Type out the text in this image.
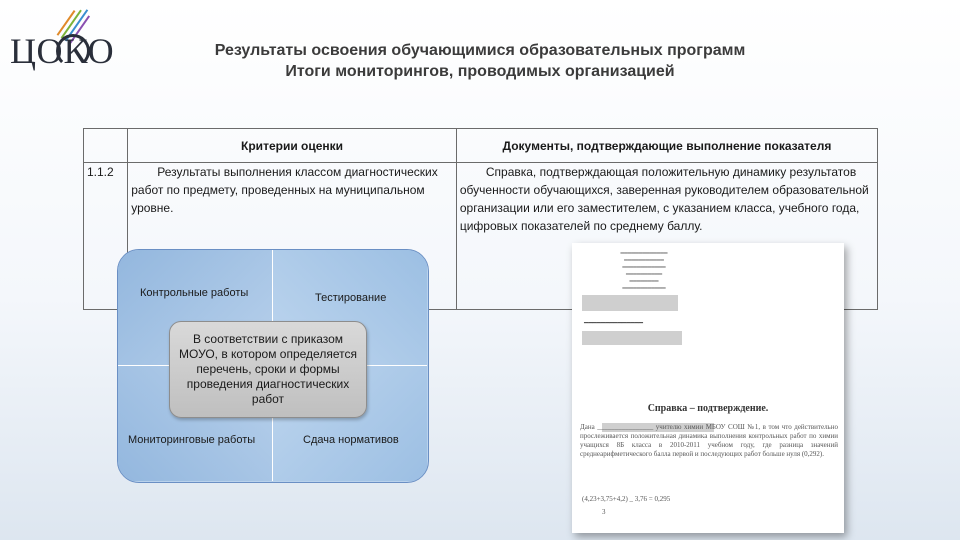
ЦОКО	Результаты освоения обучающимися образовательных программ
Итоги мониторингов, проводимых организацией
	Критерии оценки	Документы, подтверждающие выполнение показателя
1.1.2	Результаты выполнения классом диагностических работ по предмету, проведенных на муниципальном уровне.	Справка, подтверждающая положительную динамику результатов обученности обучающихся, заверенная руководителем образовательной организации или его заместителем, с указанием класса, учебного года, цифровых показателей по среднему баллу.
Контрольные работы	Тестирование
Мониторинговые работы	Сдача нормативов
В соответствии с приказом МОУО, в котором определяется перечень, сроки и формы проведения диагностических работ
━━━━━━━━━━━━━
━━━━━━━━━━━
━━━━━━━━━━━━
━━━━━━━━━━
━━━━━━━━
━━━━━━━━━━━━
━━━━━━━━━━━━━━
Справка – подтверждение.
Дана ________________ учителю химии МБОУ СОШ №1, в том что действительно прослеживается положительная динамика выполнения контрольных работ по химии учащихся 8Б класса в 2010-2011 учебном году, где разница значений среднеарифметического балла первой и последующих работ больше нуля (0,292).
(4,23+3,75+4,2) _ 3,76 = 0,295
3
